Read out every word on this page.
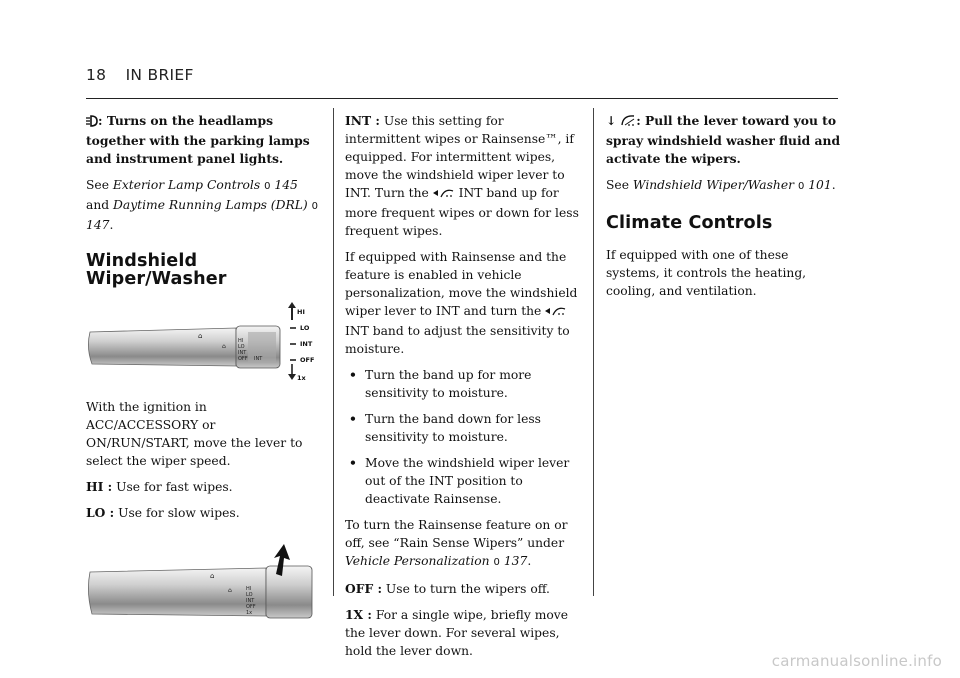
18 IN BRIEF

: Turns on the headlamps together with the parking lamps and instrument panel lights.

See Exterior Lamp Controls 0 145 and Daytime Running Lamps (DRL) 0 147.

Windshield Wiper/Washer
⌂
⌂
HI
LO
INT
OFF INT
HI
LO
INT
OFF
1x

With the ignition in ACC/ACCESSORY or ON/RUN/START, move the lever to select the wiper speed.

HI : Use for fast wipes.

LO : Use for slow wipes.

⌂
⌂	HI
LO
INT
OFF
1x

INT : Use this setting for intermittent wipes or Rainsense™, if equipped. For intermittent wipes, move the windshield wiper lever to INT. Turn the  INT band up for more frequent wipes or down for less frequent wipes.

If equipped with Rainsense and the feature is enabled in vehicle personalization, move the windshield wiper lever to INT and turn the  INT band to adjust the sensitivity to moisture.

• Turn the band up for more sensitivity to moisture.
• Turn the band down for less sensitivity to moisture.
• Move the windshield wiper lever out of the INT position to deactivate Rainsense.

To turn the Rainsense feature on or off, see “Rain Sense Wipers” under Vehicle Personalization 0 137.

OFF : Use to turn the wipers off.

1X : For a single wipe, briefly move the lever down. For several wipes, hold the lever down.

↓ : Pull the lever toward you to spray windshield washer fluid and activate the wipers.

See Windshield Wiper/Washer 0 101.

Climate Controls

If equipped with one of these systems, it controls the heating, cooling, and ventilation.

carmanualsonline.info
